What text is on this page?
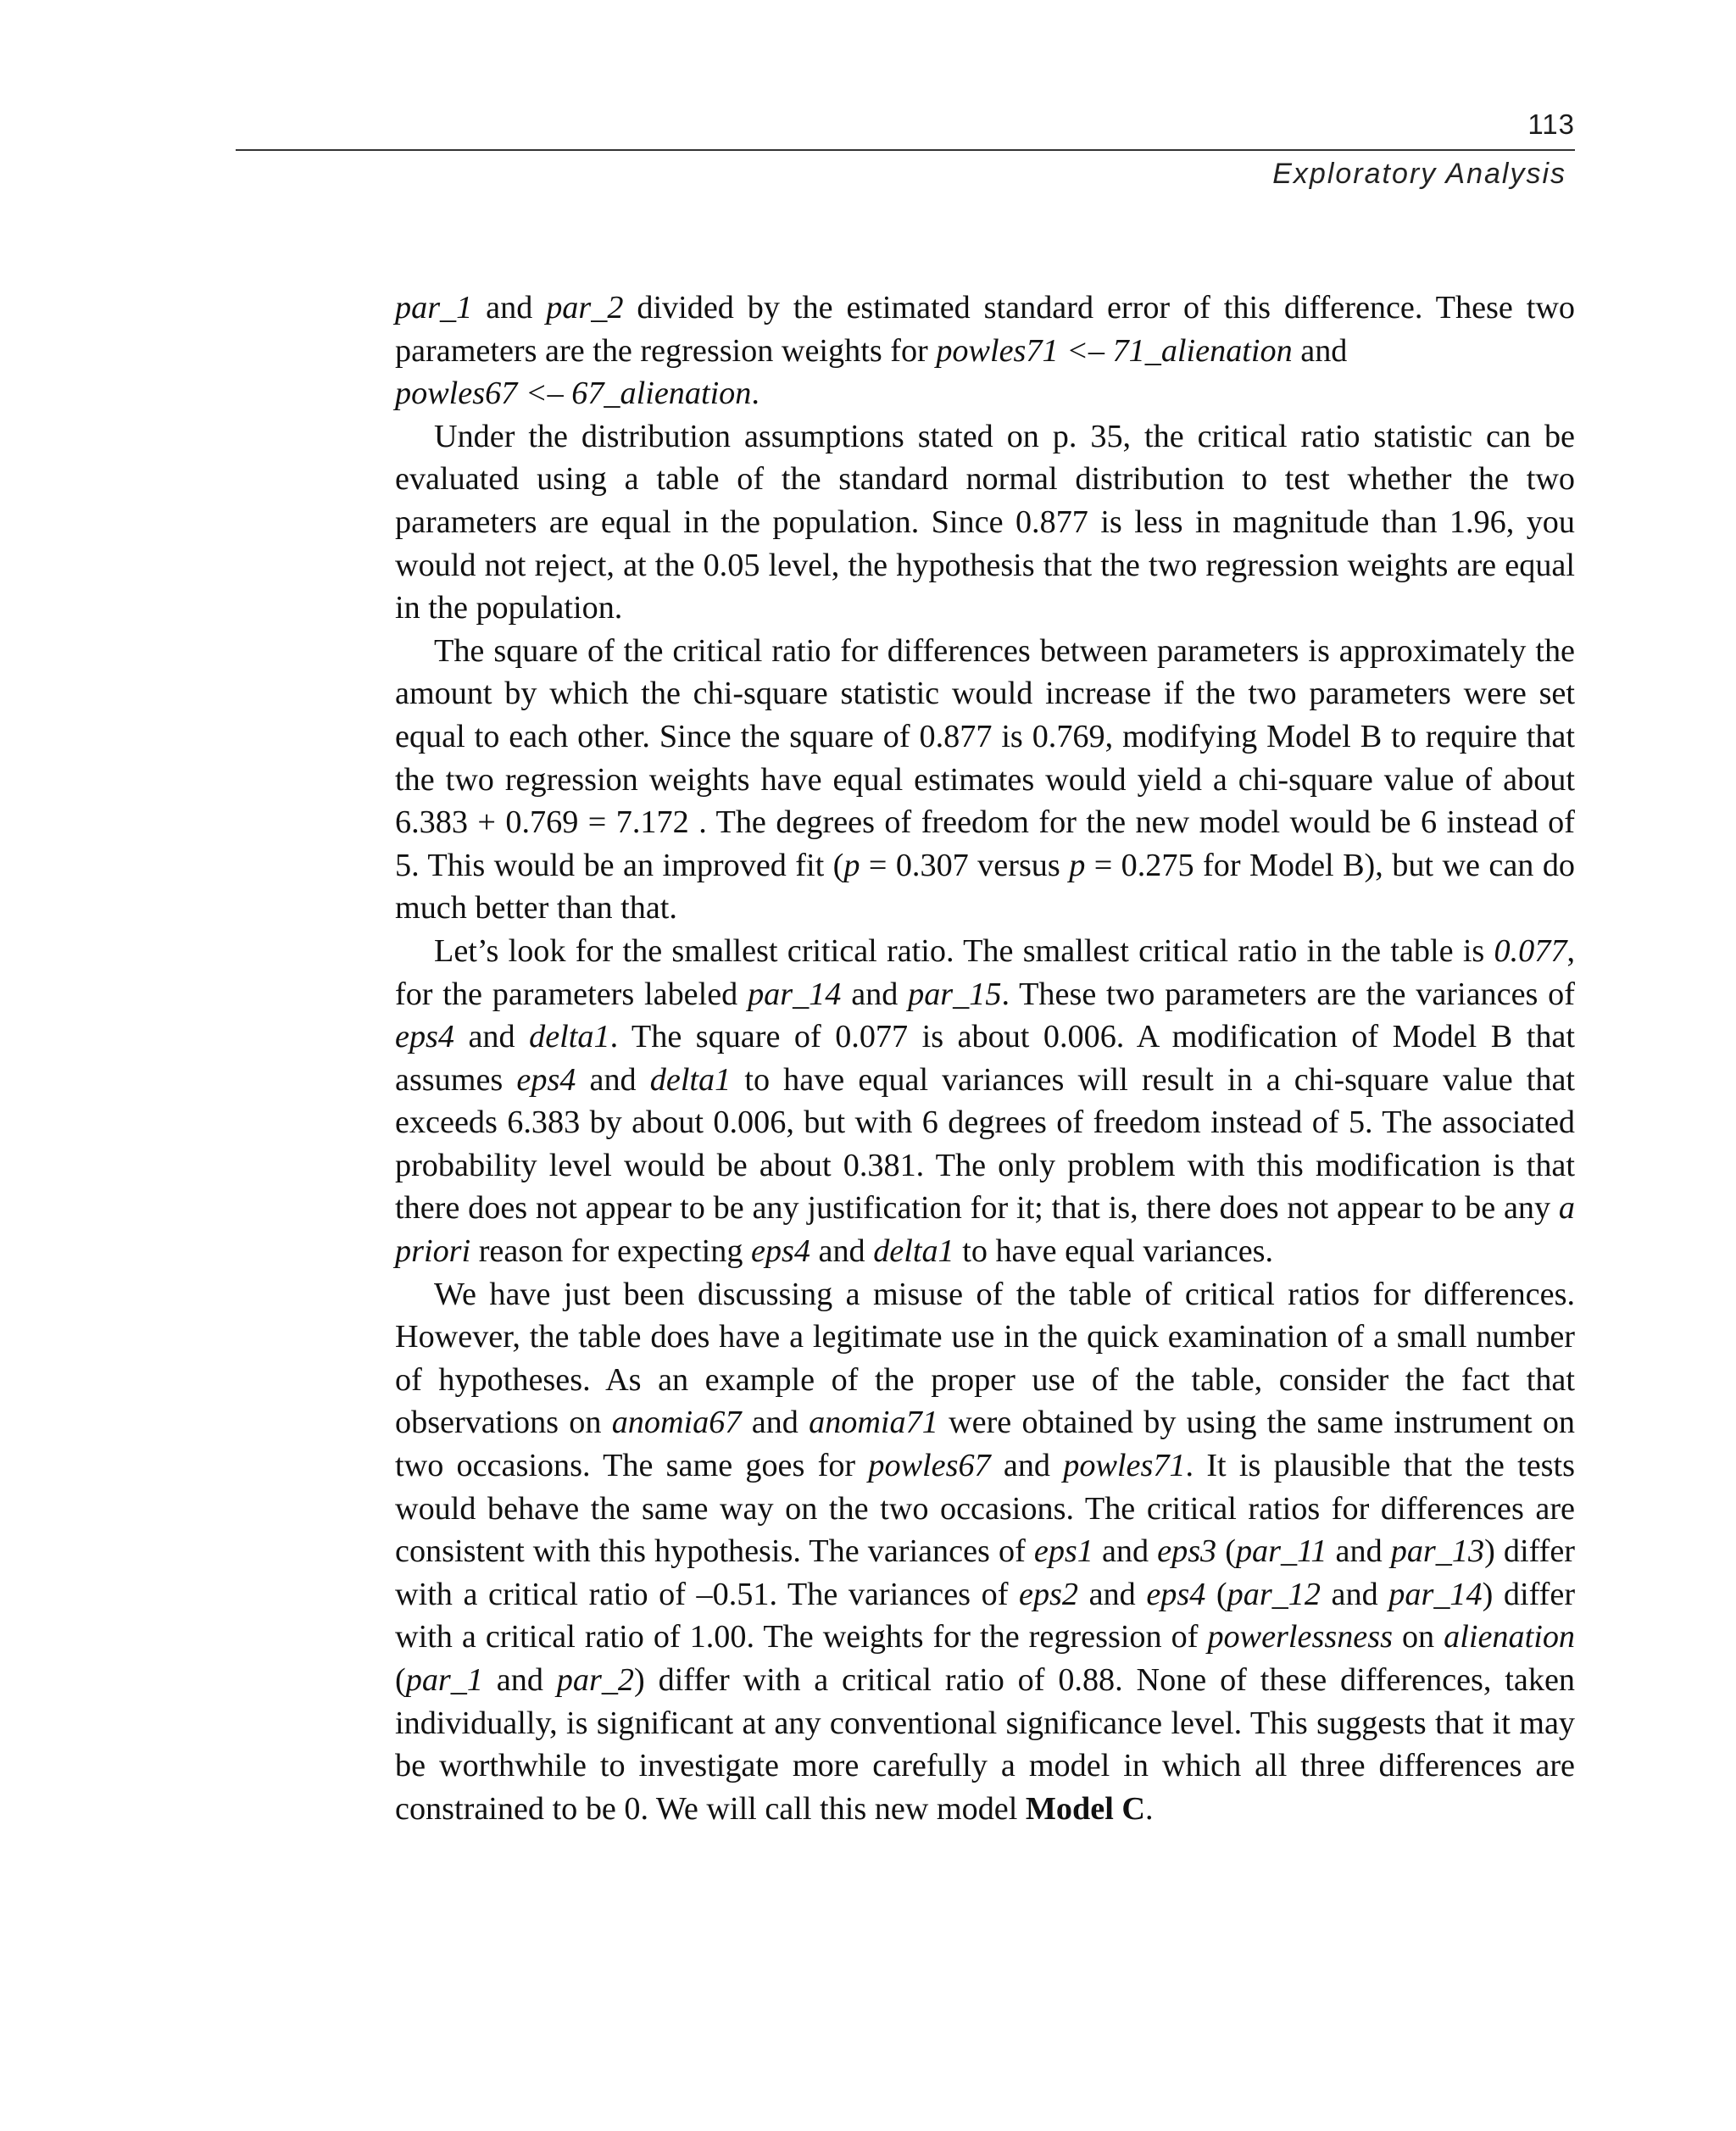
113
Exploratory Analysis

par_1 and par_2 divided by the estimated standard error of this difference. These two parameters are the regression weights for powles71 <– 71_alienation and
powles67 <– 67_alienation.

Under the distribution assumptions stated on p. 35, the critical ratio statistic can be evaluated using a table of the standard normal distribution to test whether the two parameters are equal in the population. Since 0.877 is less in magnitude than 1.96, you would not reject, at the 0.05 level, the hypothesis that the two regression weights are equal in the population.

The square of the critical ratio for differences between parameters is approximately the amount by which the chi-square statistic would increase if the two parameters were set equal to each other. Since the square of 0.877 is 0.769, modifying Model B to require that the two regression weights have equal estimates would yield a chi-square value of about 6.383 + 0.769 = 7.172 . The degrees of freedom for the new model would be 6 instead of 5. This would be an improved fit (p = 0.307 versus p = 0.275 for Model B), but we can do much better than that.

Let’s look for the smallest critical ratio. The smallest critical ratio in the table is 0.077, for the parameters labeled par_14 and par_15. These two parameters are the variances of eps4 and delta1. The square of 0.077 is about 0.006. A modification of Model B that assumes eps4 and delta1 to have equal variances will result in a chi-square value that exceeds 6.383 by about 0.006, but with 6 degrees of freedom instead of 5. The associated probability level would be about 0.381. The only problem with this modification is that there does not appear to be any justification for it; that is, there does not appear to be any a priori reason for expecting eps4 and delta1 to have equal variances.

We have just been discussing a misuse of the table of critical ratios for differences. However, the table does have a legitimate use in the quick examination of a small number of hypotheses. As an example of the proper use of the table, consider the fact that observations on anomia67 and anomia71 were obtained by using the same instrument on two occasions. The same goes for powles67 and powles71. It is plausible that the tests would behave the same way on the two occasions. The critical ratios for differences are consistent with this hypothesis. The variances of eps1 and eps3 (par_11 and par_13) differ with a critical ratio of –0.51. The variances of eps2 and eps4 (par_12 and par_14) differ with a critical ratio of 1.00. The weights for the regression of powerlessness on alienation (par_1 and par_2) differ with a critical ratio of 0.88. None of these differences, taken individually, is significant at any conventional significance level. This suggests that it may be worthwhile to investigate more carefully a model in which all three differences are constrained to be 0. We will call this new model Model C.
